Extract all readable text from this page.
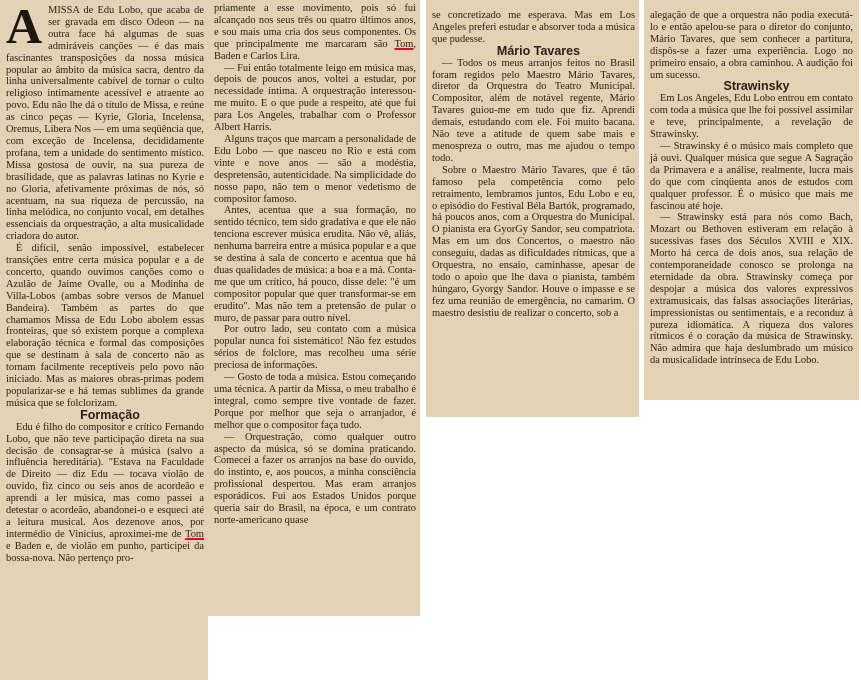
A MISSA de Edu Lobo, que acaba de ser gravada em disco Odeon — na outra face há algumas de suas admiráveis canções — é das mais fascinantes transposições da nossa música popular ao âmbito da música sacra, dentro da linha universalmente cabível de tornar o culto religioso intimamente acessível e atraente ao povo. Edu não lhe dá o título de Missa, e reúne as cinco peças — Kyrie, Gloria, Incelensa, Oremus, Libera Nos — em uma seqüência que, com exceção de Incelensa, decididamente profana, tem a unidade do sentimento místico. Missa gostosa de ouvir, na sua pureza de brasilidade, que as palavras latinas no Kyrie e no Gloria, afetivamente próximas de nós, só acentuam, na sua riqueza de percussão, na linha melódica, no conjunto vocal, em detalhes essenciais da orquestração, a alta musicalidade criadora do autor.

É difícil, senão impossível, estabelecer transições entre certa música popular e a de concerto, quando ouvimos canções como o Azulão de Jaime Ovalle, ou a Modinha de Villa-Lobos (ambas sobre versos de Manuel Bandeira). Também as partes do que chamamos Missa de Edu Lobo abolem essas fronteiras, que só existem porque a complexa elaboração técnica e formal das composições que se destinam à sala de concerto não as tornam facilmente receptíveis pelo povo não iniciado. Mas as maiores obras-primas podem popularizar-se e há temas sublimes da grande música que se folclorizam.

Formação

Edu é filho do compositor e crítico Fernando Lobo, que não teve participação direta na sua decisão de consagrar-se à música (salvo a influência hereditária). "Estava na Faculdade de Direito — diz Edu — tocava violão de ouvido, fiz cinco ou seis anos de acordeão e aprendi a ler música, mas como passei a detestar o acordeão, abandonei-o e esqueci até a leitura musical. Aos dezenove anos, por intermédio de Vinícius, aproximei-me de Tom e Baden e, de violão em punho, participei da bossa-nova. Não pertenço pro-

priamente a esse movimento, pois só fui alcançado nos seus três ou quatro últimos anos, e sou mais uma cria dos seus componentes. Os que principalmente me marcaram são Tom, Baden e Carlos Lira.

— Fui então totalmente leigo em música mas, depois de poucos anos, voltei a estudar, por necessidade íntima. A orquestração interessou-me muito. E o que pude a respeito, até que fui para Los Angeles, trabalhar com o Professor Albert Harris.

Alguns traços que marcam a personalidade de Edu Lobo — que nasceu no Rio e está com vinte e nove anos — são a modéstia, despretensão, autenticidade. Na simplicidade do nosso papo, não tem o menor vedetismo de compositor famoso.

Antes, acentua que a sua formação, no sentido técnico, tem sido gradativa e que ele não tenciona escrever música erudita. Não vê, aliás, nenhuma barreira entre a música popular e a que se destina à sala de concerto e acentua que há duas qualidades de música: a boa e a má. Conta-me que um crítico, há pouco, disse dele: "é um compositor popular que quer transformar-se em erudito". Mas não tem a pretensão de pular o muro, de passar para outro nível.

Por outro lado, seu contato com a música popular nunca foi sistemático! Não fez estudos sérios de folclore, mas recolheu uma série preciosa de informações.

— Gosto de toda a música. Estou começando uma técnica. A partir da Missa, o meu trabalho é integral, como sempre tive vontade de fazer. Porque por melhor que seja o arranjador, é melhor que o compositor faça tudo.

— Orquestração, como qualquer outro aspecto da música, só se domina praticando. Comecei a fazer os arranjos na base do ouvido, do instinto, e, aos poucos, a minha consciência profissional despertou. Mas eram arranjos esporádicos. Fui aos Estados Unidos porque queria sair do Brasil, na época, e um contrato norte-americano quase

se concretizado me esperava. Mas em Los Angeles preferi estudar e absorver toda a música que pudesse.

Mário Tavares

— Todos os meus arranjos feitos no Brasil foram regidos pelo Maestro Mário Tavares, diretor da Orquestra do Teatro Municipal. Compositor, além de notável regente, Mário Tavares guiou-me em tudo que fiz. Aprendi demais, estudando com ele. Foi muito bacana. Não teve a atitude de quem sabe mais e menospreza o outro, mas me ajudou o tempo todo.

Sobre o Maestro Mário Tavares, que é tão famoso pela competência como pelo retraimento, lembramos juntos, Edu Lobo e eu, o episódio do Festival Béla Bartók, programado, há poucos anos, com a Orquestra do Municipal. O pianista era GyorGy Sandor, seu compatriota. Mas em um dos Concertos, o maestro não conseguiu, dadas as dificuldades rítmicas, que a Orquestra, no ensaio, caminhasse, apesar de todo o apoio que lhe dava o pianista, também húngaro, Gyorgy Sandor. Houve o impasse e se fez uma reunião de emergência, no camarim. O maestro desistiu de realizar o concerto, sob a

alegação de que a orquestra não podia executá-lo e então apelou-se para o diretor do conjunto, Mário Tavares, que sem conhecer a partitura, dispôs-se a fazer uma experiência. Logo no primeiro ensaio, a obra caminhou. A audição foi um sucesso.

Strawinsky

Em Los Angeles, Edu Lobo entrou em contato com toda a música que lhe foi possível assimilar e teve, principalmente, a revelação de Strawinsky.

— Strawinsky é o músico mais completo que já ouvi. Qualquer música que segue A Sagração da Primavera e a análise, realmente, lucra mais do que com cinqüenta anos de estudos com qualquer professor. É o músico que mais me fascinou até hoje.

— Strawinsky está para nós como Bach, Mozart ou Bethoven estiveram em relação à sucessivas fases dos Séculos XVIII e XIX. Morto há cerca de dois anos, sua relação de contemporaneidade conosco se prolonga na eternidade da obra. Strawinsky começa por despojar a música dos valores expressivos extramusicais, das falsas associações literárias, impressionistas ou sentimentais, e a reconduz à pureza idiomática. A riqueza dos valores rítmicos é o coração da música de Strawinsky. Não admira que haja deslumbrado um músico da musicalidade intrínseca de Edu Lobo.
